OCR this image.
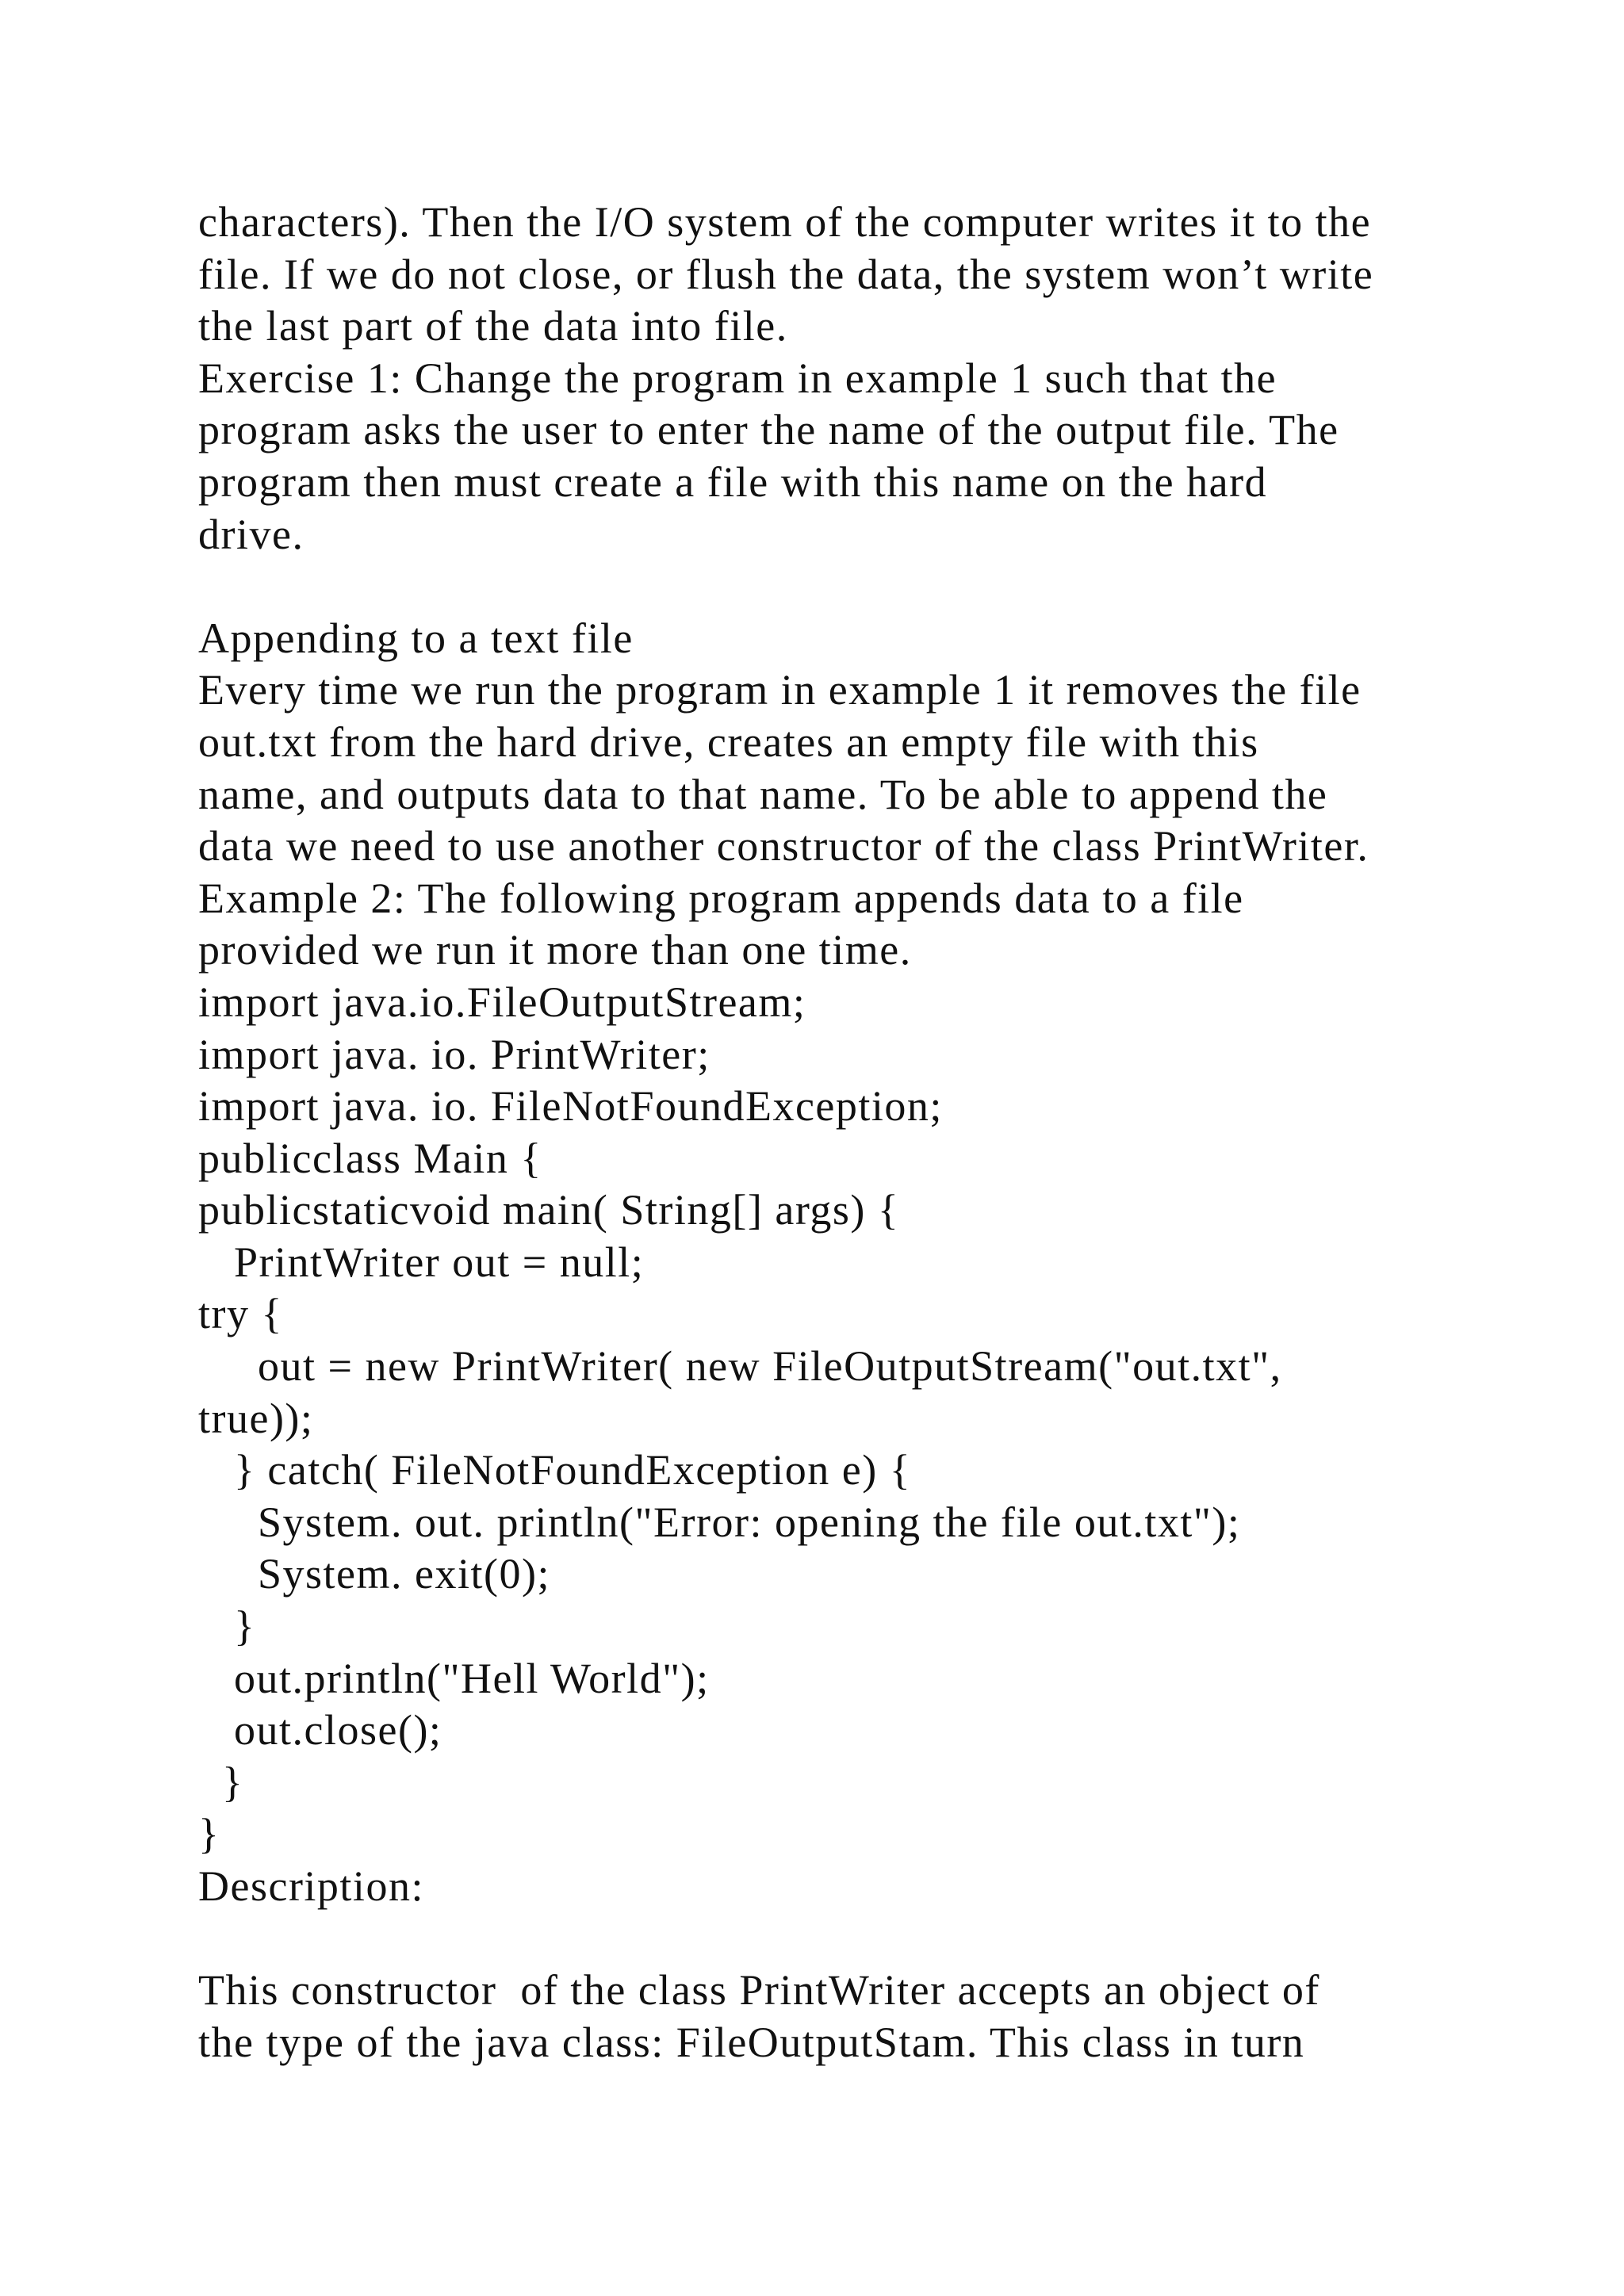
characters). Then the I/O system of the computer writes it to the
file. If we do not close, or flush the data, the system won’t write
the last part of the data into file.
Exercise 1: Change the program in example 1 such that the
program asks the user to enter the name of the output file. The
program then must create a file with this name on the hard
drive.
Appending to a text file
Every time we run the program in example 1 it removes the file
out.txt from the hard drive, creates an empty file with this
name, and outputs data to that name. To be able to append the
data we need to use another constructor of the class PrintWriter.
Example 2: The following program appends data to a file
provided we run it more than one time.
import java.io.FileOutputStream;
import java. io. PrintWriter;
import java. io. FileNotFoundException;
publicclass Main {
publicstaticvoid main( String[] args) {
PrintWriter out = null;
try {
out = new PrintWriter( new FileOutputStream("out.txt",
true));
} catch( FileNotFoundException e) {
System. out. println("Error: opening the file out.txt");
System. exit(0);
}
out.println("Hell World");
out.close();
}
}
Description:
This constructor  of the class PrintWriter accepts an object of
the type of the java class: FileOutputStam. This class in turn
